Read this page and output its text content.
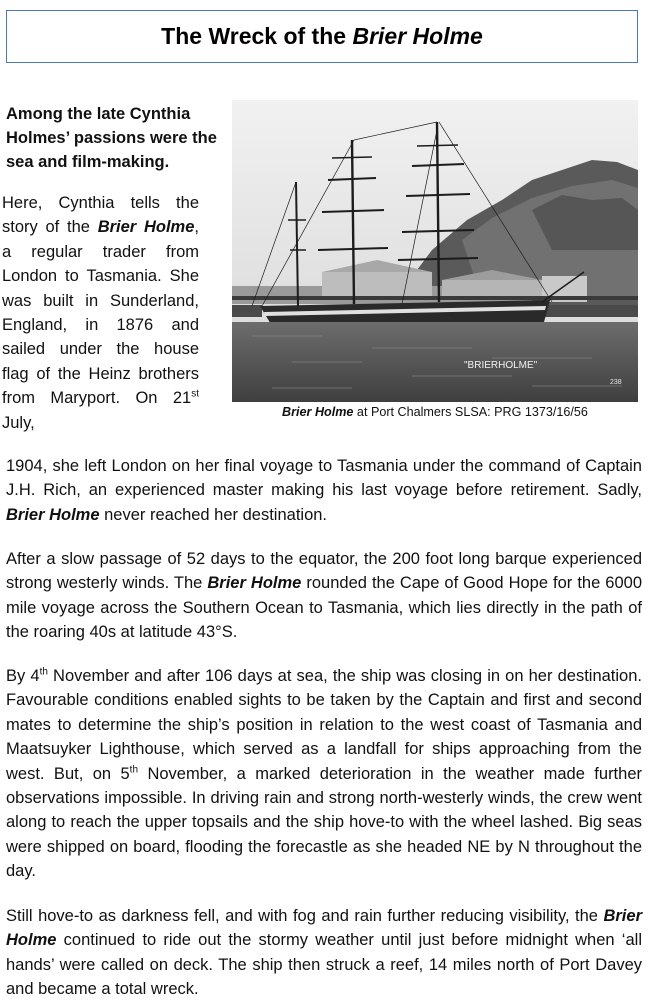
The Wreck of the
Brier Holme
Among the late Cynthia Holmes’ passions were the sea and film-making.
Here, Cynthia tells the story of the Brier Holme, a regular trader from London to Tasmania. She was built in Sunderland, England, in 1876 and sailed under the house flag of the Heinz brothers from Maryport. On 21st July,
"BRIERHOLME"
238
Brier Holme at Port Chalmers SLSA: PRG 1373/16/56
1904, she left London on her final voyage to Tasmania under the command of Captain J.H. Rich, an experienced master making his last voyage before retirement. Sadly, Brier Holme never reached her destination.
After a slow passage of 52 days to the equator, the 200 foot long barque experienced strong westerly winds. The Brier Holme rounded the Cape of Good Hope for the 6000 mile voyage across the Southern Ocean to Tasmania, which lies directly in the path of the roaring 40s at latitude 43°S.
By 4th November and after 106 days at sea, the ship was closing in on her destination. Favourable conditions enabled sights to be taken by the Captain and first and second mates to determine the ship’s position in relation to the west coast of Tasmania and Maatsuyker Lighthouse, which served as a landfall for ships approaching from the west. But, on 5th November, a marked deterioration in the weather made further observations impossible. In driving rain and strong north-westerly winds, the crew went along to reach the upper topsails and the ship hove-to with the wheel lashed. Big seas were shipped on board, flooding the forecastle as she headed NE by N throughout the day.
Still hove-to as darkness fell, and with fog and rain further reducing visibility, the Brier Holme continued to ride out the stormy weather until just before midnight when ‘all hands’ were called on deck. The ship then struck a reef, 14 miles north of Port Davey and became a total wreck.
